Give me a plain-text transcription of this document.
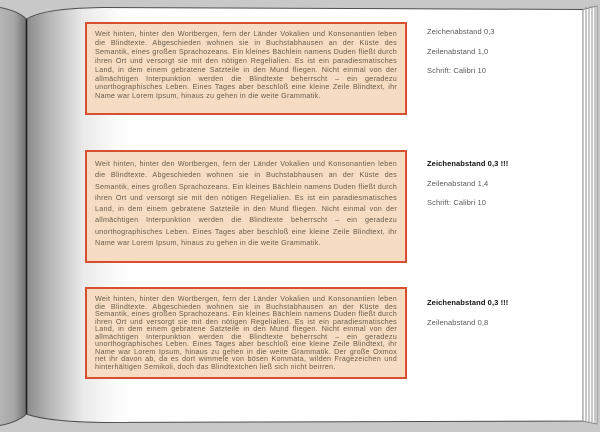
Weit hinten, hinter den Wortbergen, fern der Länder Vokalien und Konsonantien leben die Blindtexte. Abgeschieden wohnen sie in Buchstabhausen an der Küste des Semantik, eines großen Sprachozeans. Ein kleines Bächlein namens Duden fließt durch ihren Ort und versorgt sie mit den nötigen Regelialien. Es ist ein paradiesmatisches Land, in dem einem gebratene Satzteile in den Mund fliegen. Nicht einmal von der allmächtigen Interpunktion werden die Blindtexte beherrscht – ein geradezu unorthographisches Leben. Eines Tages aber beschloß eine kleine Zeile Blindtext, ihr Name war Lorem Ipsum, hinaus zu gehen in die weite Grammatik.
Weit hinten, hinter den Wortbergen, fern der Länder Vokalien und Konsonantien leben die Blindtexte. Abgeschieden wohnen sie in Buchstabhausen an der Küste des Semantik, eines großen Sprachozeans. Ein kleines Bächlein namens Duden fließt durch ihren Ort und versorgt sie mit den nötigen Regelialien. Es ist ein paradiesmatisches Land, in dem einem gebratene Satzteile in den Mund fliegen. Nicht einmal von der allmächtigen Interpunktion werden die Blindtexte beherrscht – ein geradezu unorthographisches Leben. Eines Tages aber beschloß eine kleine Zeile Blindtext, ihr Name war Lorem Ipsum, hinaus zu gehen in die weite Grammatik.
Weit hinten, hinter den Wortbergen, fern der Länder Vokalien und Konsonantien leben die Blindtexte. Abgeschieden wohnen sie in Buchstabhausen an der Küste des Semantik, eines großen Sprachozeans. Ein kleines Bächlein namens Duden fließt durch ihren Ort und versorgt sie mit den nötigen Regelialien. Es ist ein paradiesmatisches Land, in dem einem gebratene Satzteile in den Mund fliegen. Nicht einmal von der allmächtigen Interpunktion werden die Blindtexte beherrscht – ein geradezu unorthographisches Leben. Eines Tages aber beschloß eine kleine Zeile Blindtext, ihr Name war Lorem Ipsum, hinaus zu gehen in die weite Grammatik. Der große Oxmox riet ihr davon ab, da es dort wimmele von bösen Kommata, wilden Fragezeichen und hinterhältigen Semikoli, doch das Blindtextchen ließ sich nicht beirren.
Zeichenabstand 0,3
Zeilenabstand 1,0
Schrift: Calibri 10
Zeichenabstand 0,3 !!!
Zeilenabstand 1,4
Schrift: Calibri 10
Zeichenabstand 0,3 !!!
Zeilenabstand 0,8
